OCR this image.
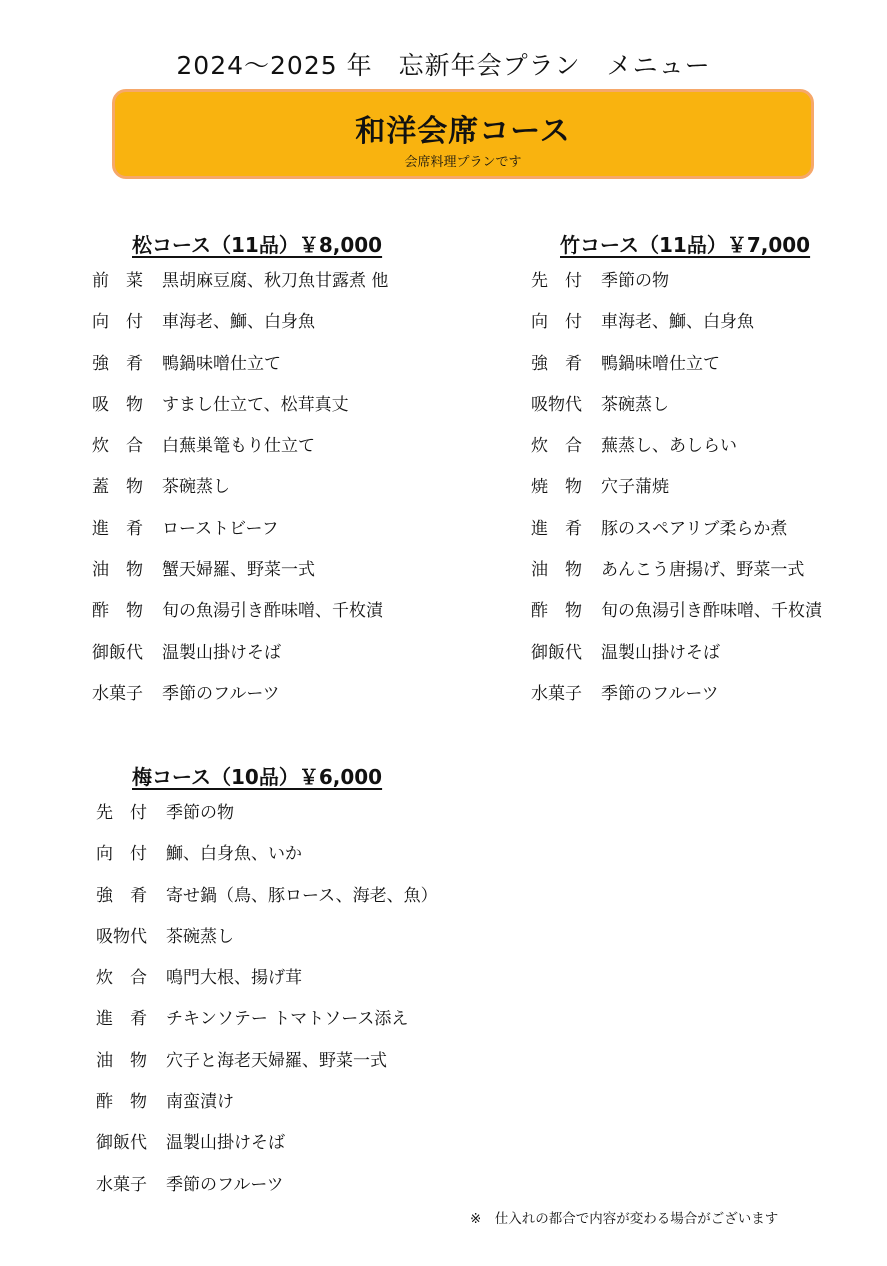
2024～2025 年　忘新年会プラン　メニュー
和洋会席コース
会席料理プランです
松コース（11品）￥8,000
前　菜	黒胡麻豆腐、秋刀魚甘露煮 他
向　付	車海老、鰤、白身魚
強　肴	鴨鍋味噌仕立て
吸　物	すまし仕立て、松茸真丈
炊　合	白蕪巣篭もり仕立て
蓋　物	茶碗蒸し
進　肴	ローストビーフ
油　物	蟹天婦羅、野菜一式
酢　物	旬の魚湯引き酢味噌、千枚漬
御飯代	温製山掛けそば
水菓子	季節のフルーツ
竹コース（11品）￥7,000
先　付	季節の物
向　付	車海老、鰤、白身魚
強　肴	鴨鍋味噌仕立て
吸物代	茶碗蒸し
炊　合	蕪蒸し、あしらい
焼　物	穴子蒲焼
進　肴	豚のスペアリブ柔らか煮
油　物	あんこう唐揚げ、野菜一式
酢　物	旬の魚湯引き酢味噌、千枚漬
御飯代	温製山掛けそば
水菓子	季節のフルーツ
梅コース（10品）￥6,000
先　付	季節の物
向　付	鰤、白身魚、いか
強　肴	寄せ鍋（鳥、豚ロース、海老、魚）
吸物代	茶碗蒸し
炊　合	鳴門大根、揚げ茸
進　肴	チキンソテー トマトソース添え
油　物	穴子と海老天婦羅、野菜一式
酢　物	南蛮漬け
御飯代	温製山掛けそば
水菓子	季節のフルーツ
※　仕入れの都合で内容が変わる場合がございます
